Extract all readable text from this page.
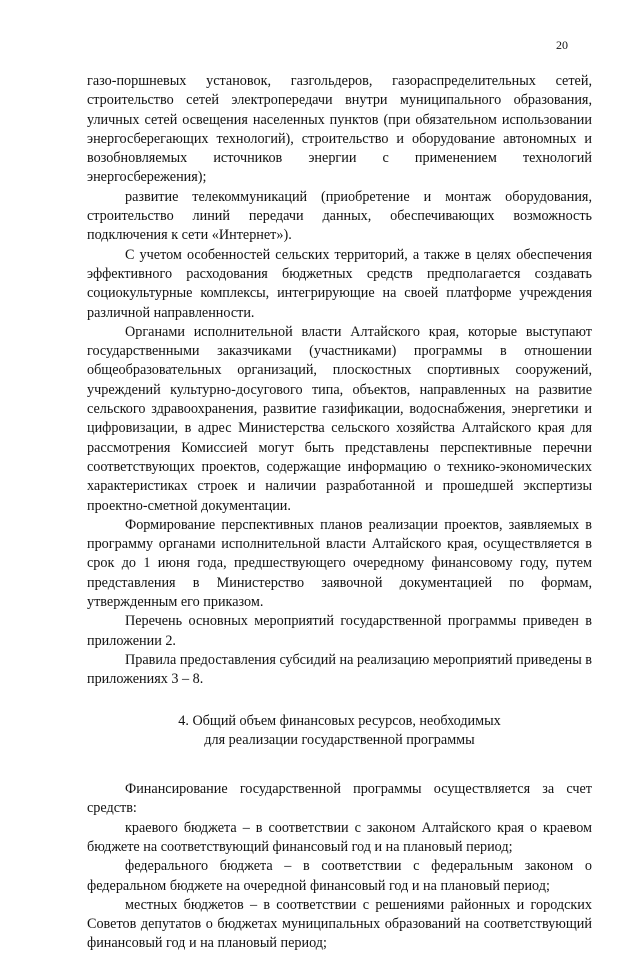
20

газо-поршневых установок, газгольдеров, газораспределительных сетей, строительство сетей электропередачи внутри муниципального образования, уличных сетей освещения населенных пунктов (при обязательном использовании энергосберегающих технологий), строительство и оборудование автономных и возобновляемых источников энергии с применением технологий энергосбережения);

развитие телекоммуникаций (приобретение и монтаж оборудования, строительство линий передачи данных, обеспечивающих возможность подключения к сети «Интернет»).

С учетом особенностей сельских территорий, а также в целях обеспечения эффективного расходования бюджетных средств предполагается создавать социокультурные комплексы, интегрирующие на своей платформе учреждения различной направленности.

Органами исполнительной власти Алтайского края, которые выступают государственными заказчиками (участниками) программы в отношении общеобразовательных организаций, плоскостных спортивных сооружений, учреждений культурно-досугового типа, объектов, направленных на развитие сельского здравоохранения, развитие газификации, водоснабжения, энергетики и цифровизации, в адрес Министерства сельского хозяйства Алтайского края для рассмотрения Комиссией могут быть представлены перспективные перечни соответствующих проектов, содержащие информацию о технико-экономических характеристиках строек и наличии разработанной и прошедшей экспертизы проектно-сметной документации.

Формирование перспективных планов реализации проектов, заявляемых в программу органами исполнительной власти Алтайского края, осуществляется в срок до 1 июня года, предшествующего очередному финансовому году, путем представления в Министерство заявочной документацией по формам, утвержденным его приказом.

Перечень основных мероприятий государственной программы приведен в приложении 2.

Правила предоставления субсидий на реализацию мероприятий приведены в приложениях 3 – 8.

4. Общий объем финансовых ресурсов, необходимых
для реализации государственной программы

Финансирование государственной программы осуществляется за счет средств:

краевого бюджета – в соответствии с законом Алтайского края о краевом бюджете на соответствующий финансовый год и на плановый период;

федерального бюджета – в соответствии с федеральным законом о федеральном бюджете на очередной финансовый год и на плановый период;

местных бюджетов – в соответствии с решениями районных и городских Советов депутатов о бюджетах муниципальных образований на соответствующий финансовый год и на плановый период;
